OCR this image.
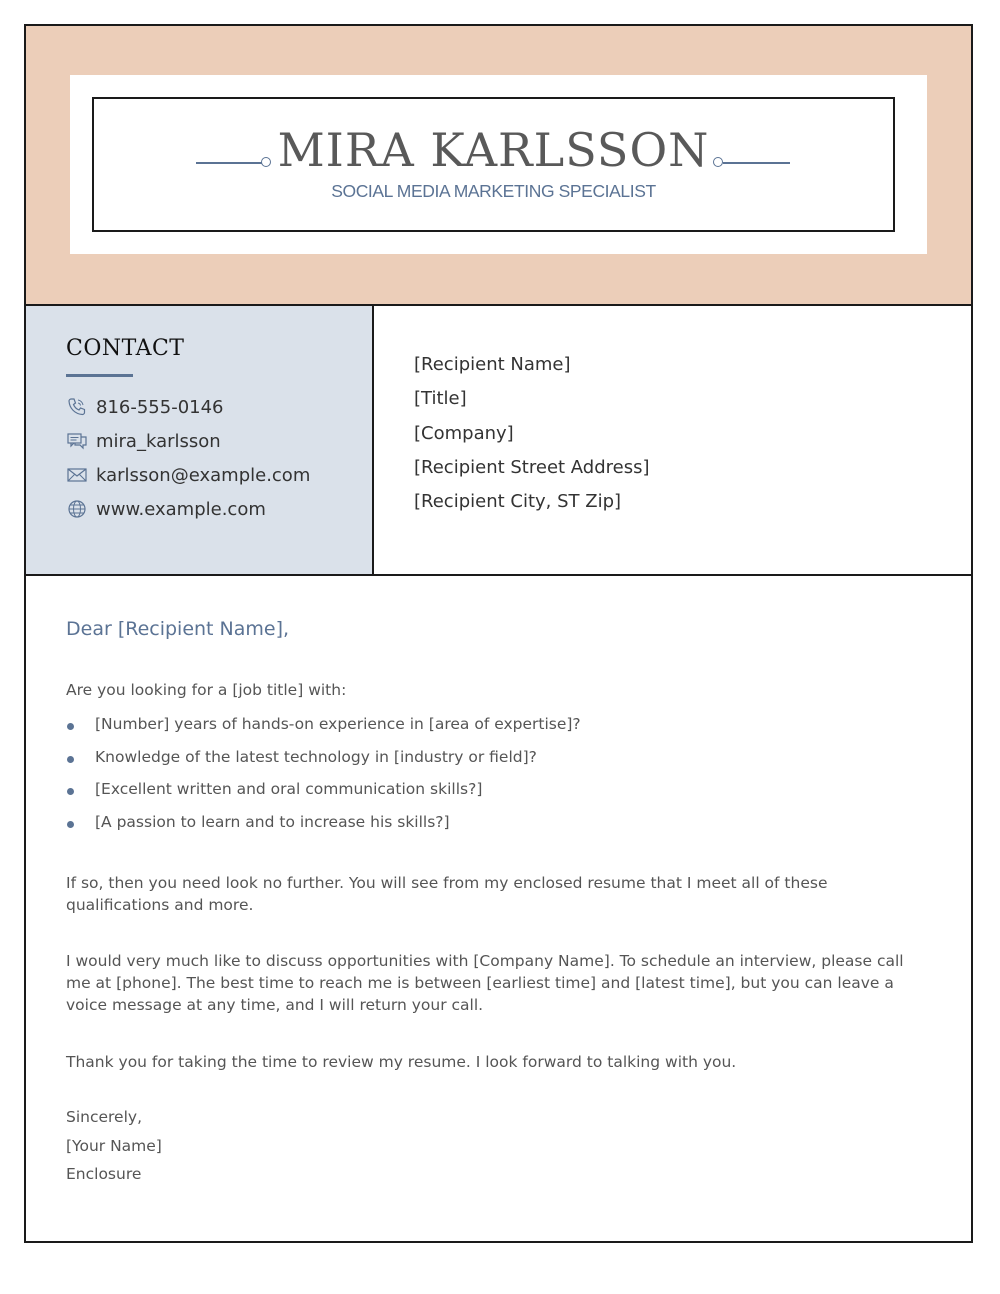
MIRA KARLSSON
SOCIAL MEDIA MARKETING SPECIALIST
CONTACT
816-555-0146
mira_karlsson
karlsson@example.com
www.example.com
[Recipient Name]
[Title]
[Company]
[Recipient Street Address]
[Recipient City, ST Zip]
Dear [Recipient Name],
Are you looking for a [job title] with:
[Number] years of hands-on experience in [area of expertise]?
Knowledge of the latest technology in [industry or field]?
[Excellent written and oral communication skills?]
[A passion to learn and to increase his skills?]
If so, then you need look no further. You will see from my enclosed resume that I meet all of these qualifications and more.
I would very much like to discuss opportunities with [Company Name]. To schedule an interview, please call me at [phone]. The best time to reach me is between [earliest time] and [latest time], but you can leave a voice message at any time, and I will return your call.
Thank you for taking the time to review my resume. I look forward to talking with you.
Sincerely,
[Your Name]
Enclosure
